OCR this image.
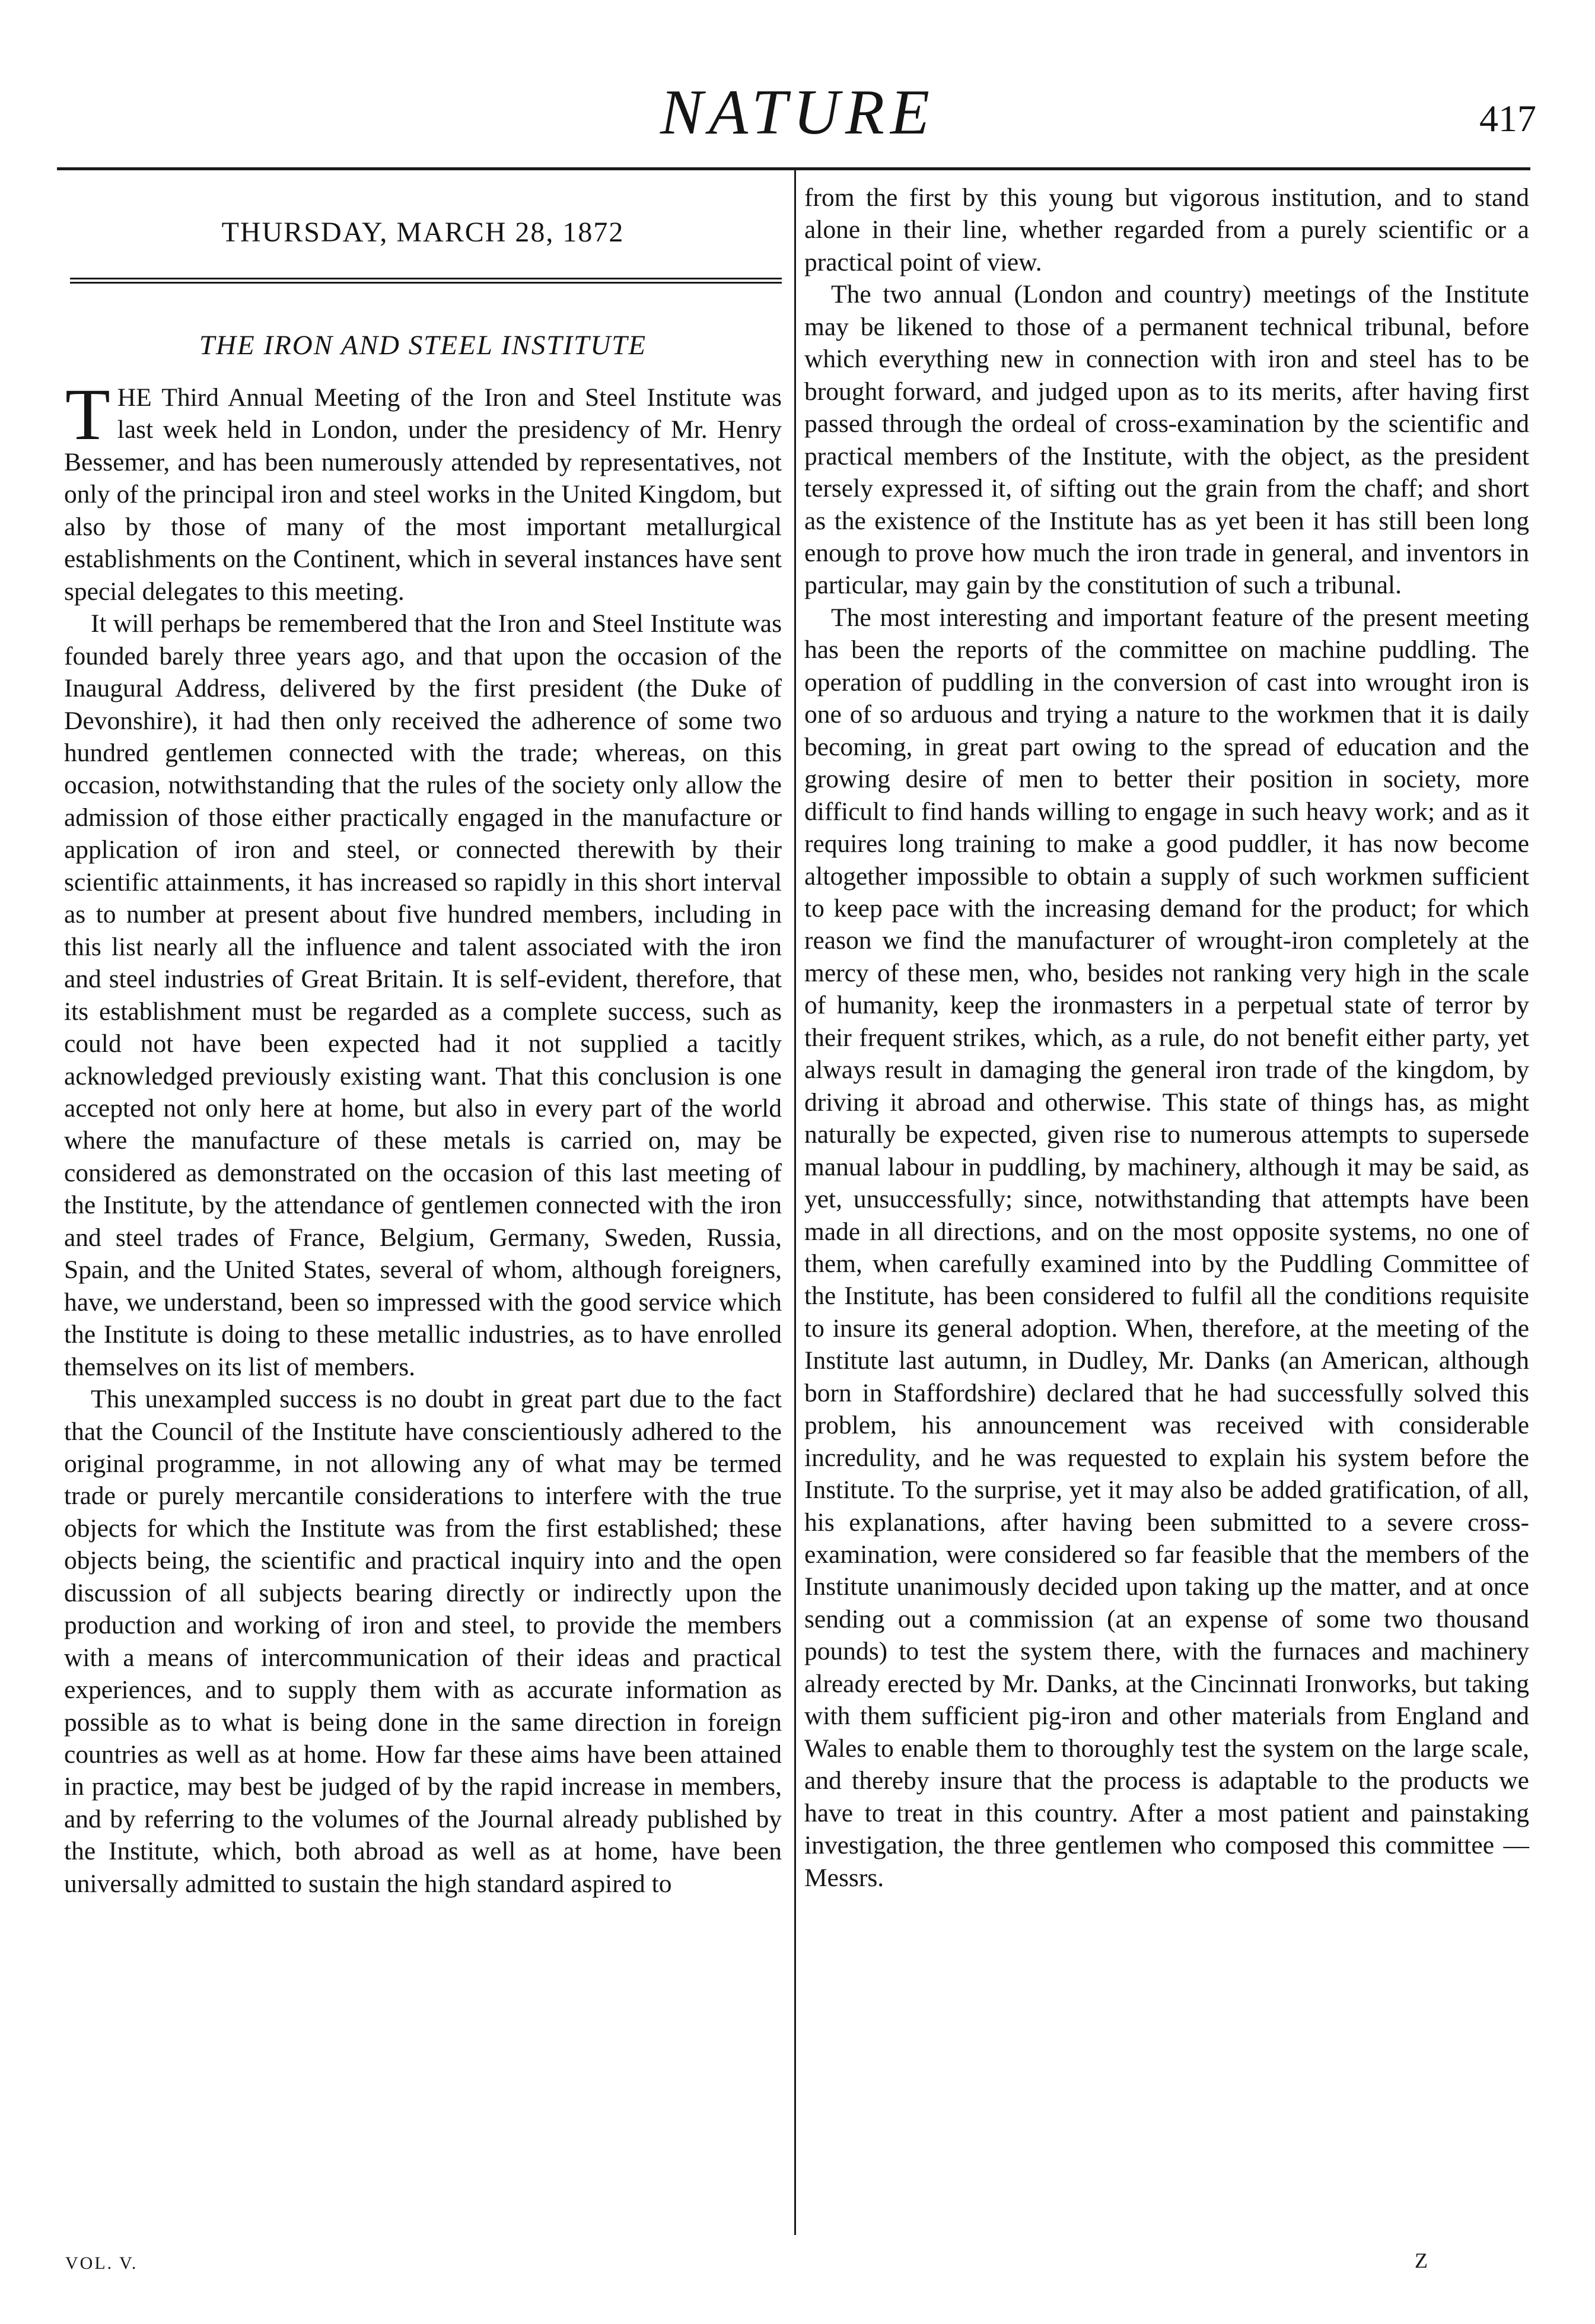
NATURE	417
THURSDAY, MARCH 28, 1872
THE IRON AND STEEL INSTITUTE

THE Third Annual Meeting of the Iron and Steel Institute was last week held in London, under the presidency of Mr. Henry Bessemer, and has been numerously attended by representatives, not only of the principal iron and steel works in the United Kingdom, but also by those of many of the most important metallurgical establishments on the Continent, which in several instances have sent special delegates to this meeting.

It will perhaps be remembered that the Iron and Steel Institute was founded barely three years ago, and that upon the occasion of the Inaugural Address, delivered by the first president (the Duke of Devonshire), it had then only received the adherence of some two hundred gentlemen connected with the trade; whereas, on this occasion, notwithstanding that the rules of the society only allow the admission of those either practically engaged in the manufacture or application of iron and steel, or connected therewith by their scientific attainments, it has increased so rapidly in this short interval as to number at present about five hundred members, including in this list nearly all the influence and talent associated with the iron and steel industries of Great Britain. It is self-evident, therefore, that its establishment must be regarded as a complete success, such as could not have been expected had it not supplied a tacitly acknowledged previously existing want. That this conclusion is one accepted not only here at home, but also in every part of the world where the manufacture of these metals is carried on, may be considered as demonstrated on the occasion of this last meeting of the Institute, by the attendance of gentlemen connected with the iron and steel trades of France, Belgium, Germany, Sweden, Russia, Spain, and the United States, several of whom, although foreigners, have, we understand, been so impressed with the good service which the Institute is doing to these metallic industries, as to have enrolled themselves on its list of members.

This unexampled success is no doubt in great part due to the fact that the Council of the Institute have conscientiously adhered to the original programme, in not allowing any of what may be termed trade or purely mercantile considerations to interfere with the true objects for which the Institute was from the first established; these objects being, the scientific and practical inquiry into and the open discussion of all subjects bearing directly or indirectly upon the production and working of iron and steel, to provide the members with a means of intercommunication of their ideas and practical experiences, and to supply them with as accurate information as possible as to what is being done in the same direction in foreign countries as well as at home. How far these aims have been attained in practice, may best be judged of by the rapid increase in members, and by referring to the volumes of the Journal already published by the Institute, which, both abroad as well as at home, have been universally admitted to sustain the high standard aspired to

from the first by this young but vigorous institution, and to stand alone in their line, whether regarded from a purely scientific or a practical point of view.

The two annual (London and country) meetings of the Institute may be likened to those of a permanent technical tribunal, before which everything new in connection with iron and steel has to be brought forward, and judged upon as to its merits, after having first passed through the ordeal of cross-examination by the scientific and practical members of the Institute, with the object, as the president tersely expressed it, of sifting out the grain from the chaff; and short as the existence of the Institute has as yet been it has still been long enough to prove how much the iron trade in general, and inventors in particular, may gain by the constitution of such a tribunal.

The most interesting and important feature of the present meeting has been the reports of the committee on machine puddling. The operation of puddling in the conversion of cast into wrought iron is one of so arduous and trying a nature to the workmen that it is daily becoming, in great part owing to the spread of education and the growing desire of men to better their position in society, more difficult to find hands willing to engage in such heavy work; and as it requires long training to make a good puddler, it has now become altogether impossible to obtain a supply of such workmen sufficient to keep pace with the increasing demand for the product; for which reason we find the manufacturer of wrought-iron completely at the mercy of these men, who, besides not ranking very high in the scale of humanity, keep the ironmasters in a perpetual state of terror by their frequent strikes, which, as a rule, do not benefit either party, yet always result in damaging the general iron trade of the kingdom, by driving it abroad and otherwise. This state of things has, as might naturally be expected, given rise to numerous attempts to supersede manual labour in puddling, by machinery, although it may be said, as yet, unsuccessfully; since, notwithstanding that attempts have been made in all directions, and on the most opposite systems, no one of them, when carefully examined into by the Puddling Committee of the Institute, has been considered to fulfil all the conditions requisite to insure its general adoption. When, therefore, at the meeting of the Institute last autumn, in Dudley, Mr. Danks (an American, although born in Staffordshire) declared that he had successfully solved this problem, his announcement was received with considerable incredulity, and he was requested to explain his system before the Institute. To the surprise, yet it may also be added gratification, of all, his explanations, after having been submitted to a severe cross-examination, were considered so far feasible that the members of the Institute unanimously decided upon taking up the matter, and at once sending out a commission (at an expense of some two thousand pounds) to test the system there, with the furnaces and machinery already erected by Mr. Danks, at the Cincinnati Ironworks, but taking with them sufficient pig-iron and other materials from England and Wales to enable them to thoroughly test the system on the large scale, and thereby insure that the process is adaptable to the products we have to treat in this country. After a most patient and painstaking investigation, the three gentlemen who composed this committee — Messrs.

VOL. V.	Z
